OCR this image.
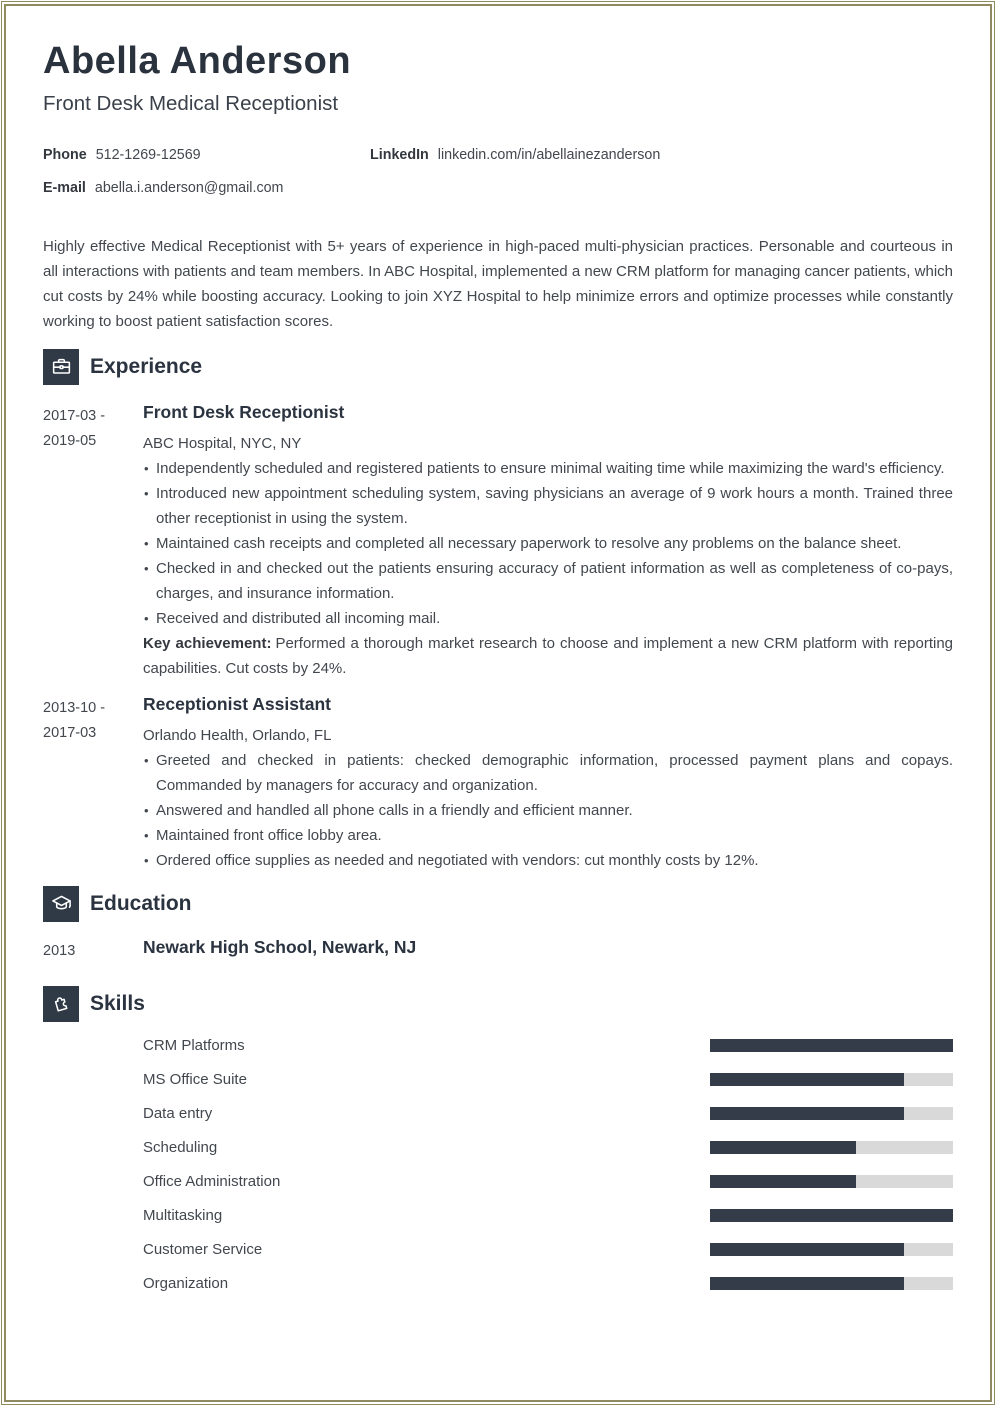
Abella Anderson
Front Desk Medical Receptionist
Phone 512-1269-12569	LinkedIn linkedin.com/in/abellainezanderson
E-mail abella.i.anderson@gmail.com

Highly effective Medical Receptionist with 5+ years of experience in high-paced multi-physician practices. Personable and courteous in all interactions with patients and team members. In ABC Hospital, implemented a new CRM platform for managing cancer patients, which cut costs by 24% while boosting accuracy. Looking to join XYZ Hospital to help minimize errors and optimize processes while constantly working to boost patient satisfaction scores.

Experience
2017-03 -
2019-05
Front Desk Receptionist
ABC Hospital, NYC, NY
• Independently scheduled and registered patients to ensure minimal waiting time while maximizing the ward's efficiency.
• Introduced new appointment scheduling system, saving physicians an average of 9 work hours a month. Trained three other receptionist in using the system.
• Maintained cash receipts and completed all necessary paperwork to resolve any problems on the balance sheet.
• Checked in and checked out the patients ensuring accuracy of patient information as well as completeness of co-pays, charges, and insurance information.
• Received and distributed all incoming mail.

Key achievement: Performed a thorough market research to choose and implement a new CRM platform with reporting capabilities. Cut costs by 24%.

2013-10 -
2017-03
Receptionist Assistant
Orlando Health, Orlando, FL
• Greeted and checked in patients: checked demographic information, processed payment plans and copays. Commanded by managers for accuracy and organization.
• Answered and handled all phone calls in a friendly and efficient manner.
• Maintained front office lobby area.
• Ordered office supplies as needed and negotiated with vendors: cut monthly costs by 12%.
Education
2013	Newark High School, Newark, NJ
Skills
CRM Platforms
MS Office Suite
Data entry
Scheduling
Office Administration
Multitasking
Customer Service
Organization
